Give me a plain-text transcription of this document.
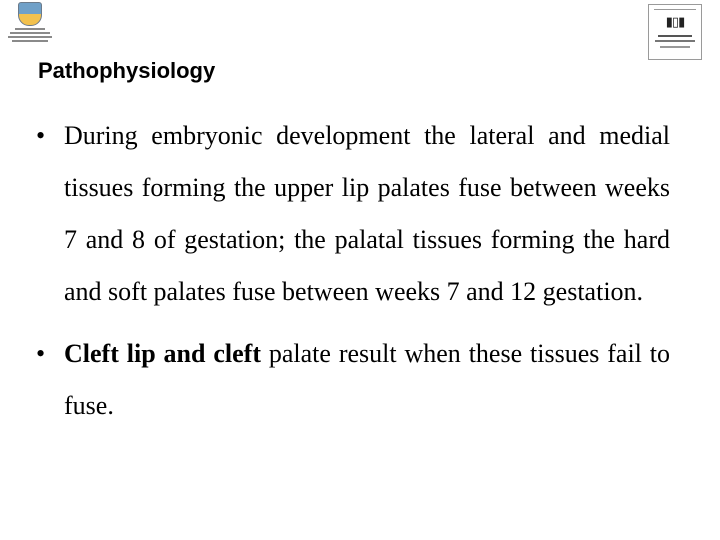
▮▯▮
Pathophysiology
• During embryonic development the lateral and medial tissues forming the upper lip palates fuse between weeks 7 and 8 of gestation; the palatal tissues forming the hard and soft palates fuse between weeks 7 and 12 gestation.
• Cleft lip and cleft palate result when these tissues fail to fuse.
